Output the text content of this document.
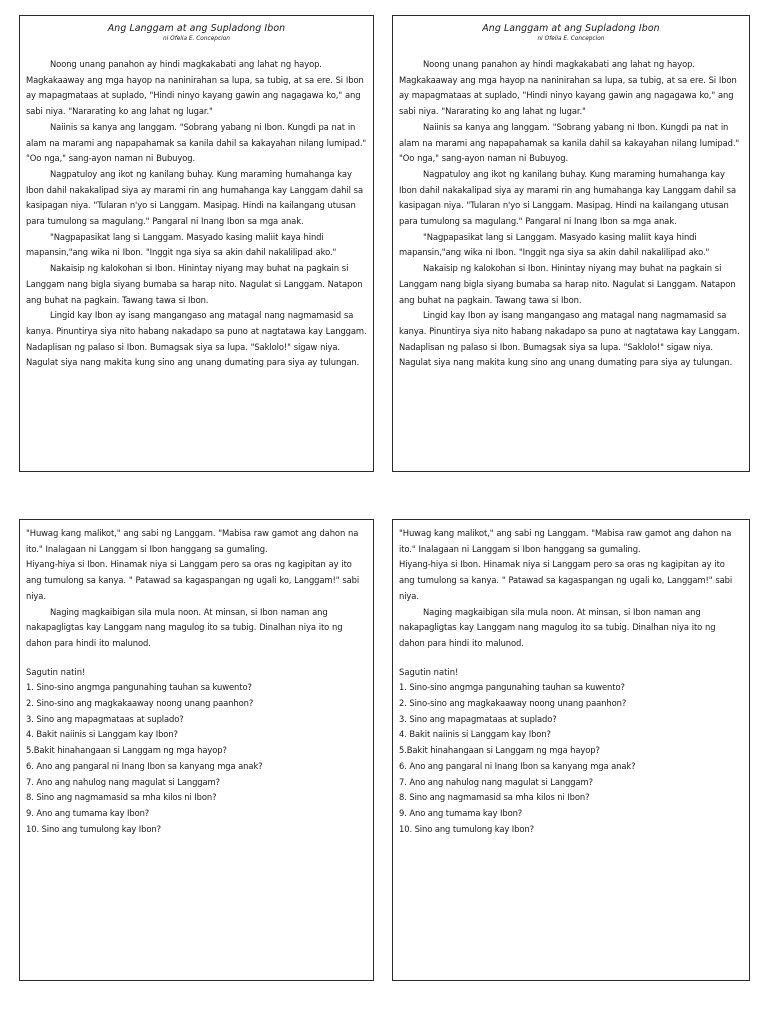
Ang Langgam at ang Supladong Ibon
ni Ofelia E. Concepcion

Noong unang panahon ay hindi magkakabati ang lahat ng hayop. Magkakaaway ang mga hayop na naninirahan sa lupa, sa tubig, at sa ere. Si Ibon ay mapagmataas at suplado, "Hindi ninyo kayang gawin ang nagagawa ko," ang sabi niya. "Nararating ko ang lahat ng lugar."

Naiinis sa kanya ang langgam. "Sobrang yabang ni Ibon. Kungdi pa nat in alam na marami ang napapahamak sa kanila dahil sa kakayahan nilang lumipad." "Oo nga," sang-ayon naman ni Bubuyog.

Nagpatuloy ang ikot ng kanilang buhay. Kung maraming humahanga kay Ibon dahil nakakalipad siya ay marami rin ang humahanga kay Langgam dahil sa kasipagan niya. "Tularan n'yo si Langgam. Masipag. Hindi na kailangang utusan para tumulong sa magulang." Pangaral ni Inang Ibon sa mga anak.

"Nagpapasikat lang si Langgam. Masyado kasing maliit kaya hindi mapansin,"ang wika ni Ibon. "Inggit nga siya sa akin dahil nakalilipad ako."

Nakaisip ng kalokohan si Ibon. Hinintay niyang may buhat na pagkain si Langgam nang bigla siyang bumaba sa harap nito. Nagulat si Langgam. Natapon ang buhat na pagkain. Tawang tawa si Ibon.

Lingid kay Ibon ay isang mangangaso ang matagal nang nagmamasid sa kanya. Pinuntirya siya nito habang nakadapo sa puno at nagtatawa kay Langgam. Nadaplisan ng palaso si Ibon. Bumagsak siya sa lupa. "Saklolo!" sigaw niya. Nagulat siya nang makita kung sino ang unang dumating para siya ay tulungan.

Ang Langgam at ang Supladong Ibon
ni Ofelia E. Concepcion

Noong unang panahon ay hindi magkakabati ang lahat ng hayop. Magkakaaway ang mga hayop na naninirahan sa lupa, sa tubig, at sa ere. Si Ibon ay mapagmataas at suplado, "Hindi ninyo kayang gawin ang nagagawa ko," ang sabi niya. "Nararating ko ang lahat ng lugar."

Naiinis sa kanya ang langgam. "Sobrang yabang ni Ibon. Kungdi pa nat in alam na marami ang napapahamak sa kanila dahil sa kakayahan nilang lumipad." "Oo nga," sang-ayon naman ni Bubuyog.

Nagpatuloy ang ikot ng kanilang buhay. Kung maraming humahanga kay Ibon dahil nakakalipad siya ay marami rin ang humahanga kay Langgam dahil sa kasipagan niya. "Tularan n'yo si Langgam. Masipag. Hindi na kailangang utusan para tumulong sa magulang." Pangaral ni Inang Ibon sa mga anak.

"Nagpapasikat lang si Langgam. Masyado kasing maliit kaya hindi mapansin,"ang wika ni Ibon. "Inggit nga siya sa akin dahil nakalilipad ako."

Nakaisip ng kalokohan si Ibon. Hinintay niyang may buhat na pagkain si Langgam nang bigla siyang bumaba sa harap nito. Nagulat si Langgam. Natapon ang buhat na pagkain. Tawang tawa si Ibon.

Lingid kay Ibon ay isang mangangaso ang matagal nang nagmamasid sa kanya. Pinuntirya siya nito habang nakadapo sa puno at nagtatawa kay Langgam. Nadaplisan ng palaso si Ibon. Bumagsak siya sa lupa. "Saklolo!" sigaw niya. Nagulat siya nang makita kung sino ang unang dumating para siya ay tulungan.

"Huwag kang malikot," ang sabi ng Langgam. "Mabisa raw gamot ang dahon na ito." Inalagaan ni Langgam si Ibon hanggang sa gumaling.

Hiyang-hiya si Ibon. Hinamak niya si Langgam pero sa oras ng kagipitan ay ito ang tumulong sa kanya. " Patawad sa kagaspangan ng ugali ko, Langgam!" sabi niya.

Naging magkaibigan sila mula noon. At minsan, si Ibon naman ang nakapagligtas kay Langgam nang magulog ito sa tubig. Dinalhan niya ito ng dahon para hindi ito malunod.

Sagutin natin!
1. Sino-sino angmga pangunahing tauhan sa kuwento?
2. Sino-sino ang magkakaaway noong unang paanhon?
3. Sino ang mapagmataas at suplado?
4. Bakit naiinis si Langgam kay Ibon?
5.Bakit hinahangaan si Langgam ng mga hayop?
6. Ano ang pangaral ni Inang Ibon sa kanyang mga anak?
7. Ano ang nahulog nang magulat si Langgam?
8. Sino ang nagmamasid sa mha kilos ni Ibon?
9. Ano ang tumama kay Ibon?
10. Sino ang tumulong kay Ibon?

"Huwag kang malikot," ang sabi ng Langgam. "Mabisa raw gamot ang dahon na ito." Inalagaan ni Langgam si Ibon hanggang sa gumaling.

Hiyang-hiya si Ibon. Hinamak niya si Langgam pero sa oras ng kagipitan ay ito ang tumulong sa kanya. " Patawad sa kagaspangan ng ugali ko, Langgam!" sabi niya.

Naging magkaibigan sila mula noon. At minsan, si Ibon naman ang nakapagligtas kay Langgam nang magulog ito sa tubig. Dinalhan niya ito ng dahon para hindi ito malunod.

Sagutin natin!
1. Sino-sino angmga pangunahing tauhan sa kuwento?
2. Sino-sino ang magkakaaway noong unang paanhon?
3. Sino ang mapagmataas at suplado?
4. Bakit naiinis si Langgam kay Ibon?
5.Bakit hinahangaan si Langgam ng mga hayop?
6. Ano ang pangaral ni Inang Ibon sa kanyang mga anak?
7. Ano ang nahulog nang magulat si Langgam?
8. Sino ang nagmamasid sa mha kilos ni Ibon?
9. Ano ang tumama kay Ibon?
10. Sino ang tumulong kay Ibon?
